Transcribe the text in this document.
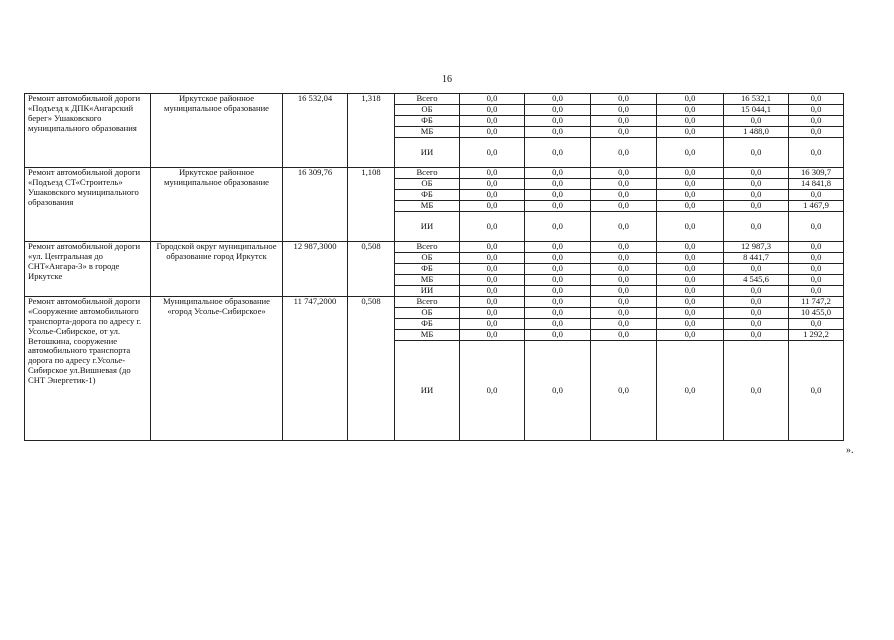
16
Ремонт автомобильной дороги «Подъезд к ДПК«Ангарский берег» Ушаковского муниципального образования	Иркутское районное муниципальное образование	16 532,04	1,318	Всего	0,0	0,0	0,0	0,0	16 532,1	0,0
				ОБ	0,0	0,0	0,0	0,0	15 044,1	0,0
				ФБ	0,0	0,0	0,0	0,0	0,0	0,0
				МБ	0,0	0,0	0,0	0,0	1 488,0	0,0
				ИИ	0,0	0,0	0,0	0,0	0,0	0,0
Ремонт автомобильной дороги «Подъезд СТ«Строитель» Ушаковского муниципального образования	Иркутское районное муниципальное образование	16 309,76	1,108	Всего	0,0	0,0	0,0	0,0	0,0	16 309,7
				ОБ	0,0	0,0	0,0	0,0	0,0	14 841,8
				ФБ	0,0	0,0	0,0	0,0	0,0	0,0
				МБ	0,0	0,0	0,0	0,0	0,0	1 467,9
				ИИ	0,0	0,0	0,0	0,0	0,0	0,0
Ремонт автомобильной дороги «ул. Центральная до СНТ«Ангара-3» в городе Иркутске	Городской округ муниципальное образование город Иркутск	12 987,3000	0,508	Всего	0,0	0,0	0,0	0,0	12 987,3	0,0
				ОБ	0,0	0,0	0,0	0,0	8 441,7	0,0
				ФБ	0,0	0,0	0,0	0,0	0,0	0,0
				МБ	0,0	0,0	0,0	0,0	4 545,6	0,0
				ИИ	0,0	0,0	0,0	0,0	0,0	0,0
Ремонт автомобильной дороги «Сооружение автомобильного транспорта-дорога по адресу г. Усолье-Сибирское, от ул. Ветошкина, сооружение автомобильного транспорта дорога по адресу г.Усолье-Сибирское ул.Вишневая (до СНТ Энергетик-1)	Муниципальное образование «город Усолье-Сибирское»	11 747,2000	0,508	Всего	0,0	0,0	0,0	0,0	0,0	11 747,2
				ОБ	0,0	0,0	0,0	0,0	0,0	10 455,0
				ФБ	0,0	0,0	0,0	0,0	0,0	0,0
				МБ	0,0	0,0	0,0	0,0	0,0	1 292,2
				ИИ	0,0	0,0	0,0	0,0	0,0	0,0
».
